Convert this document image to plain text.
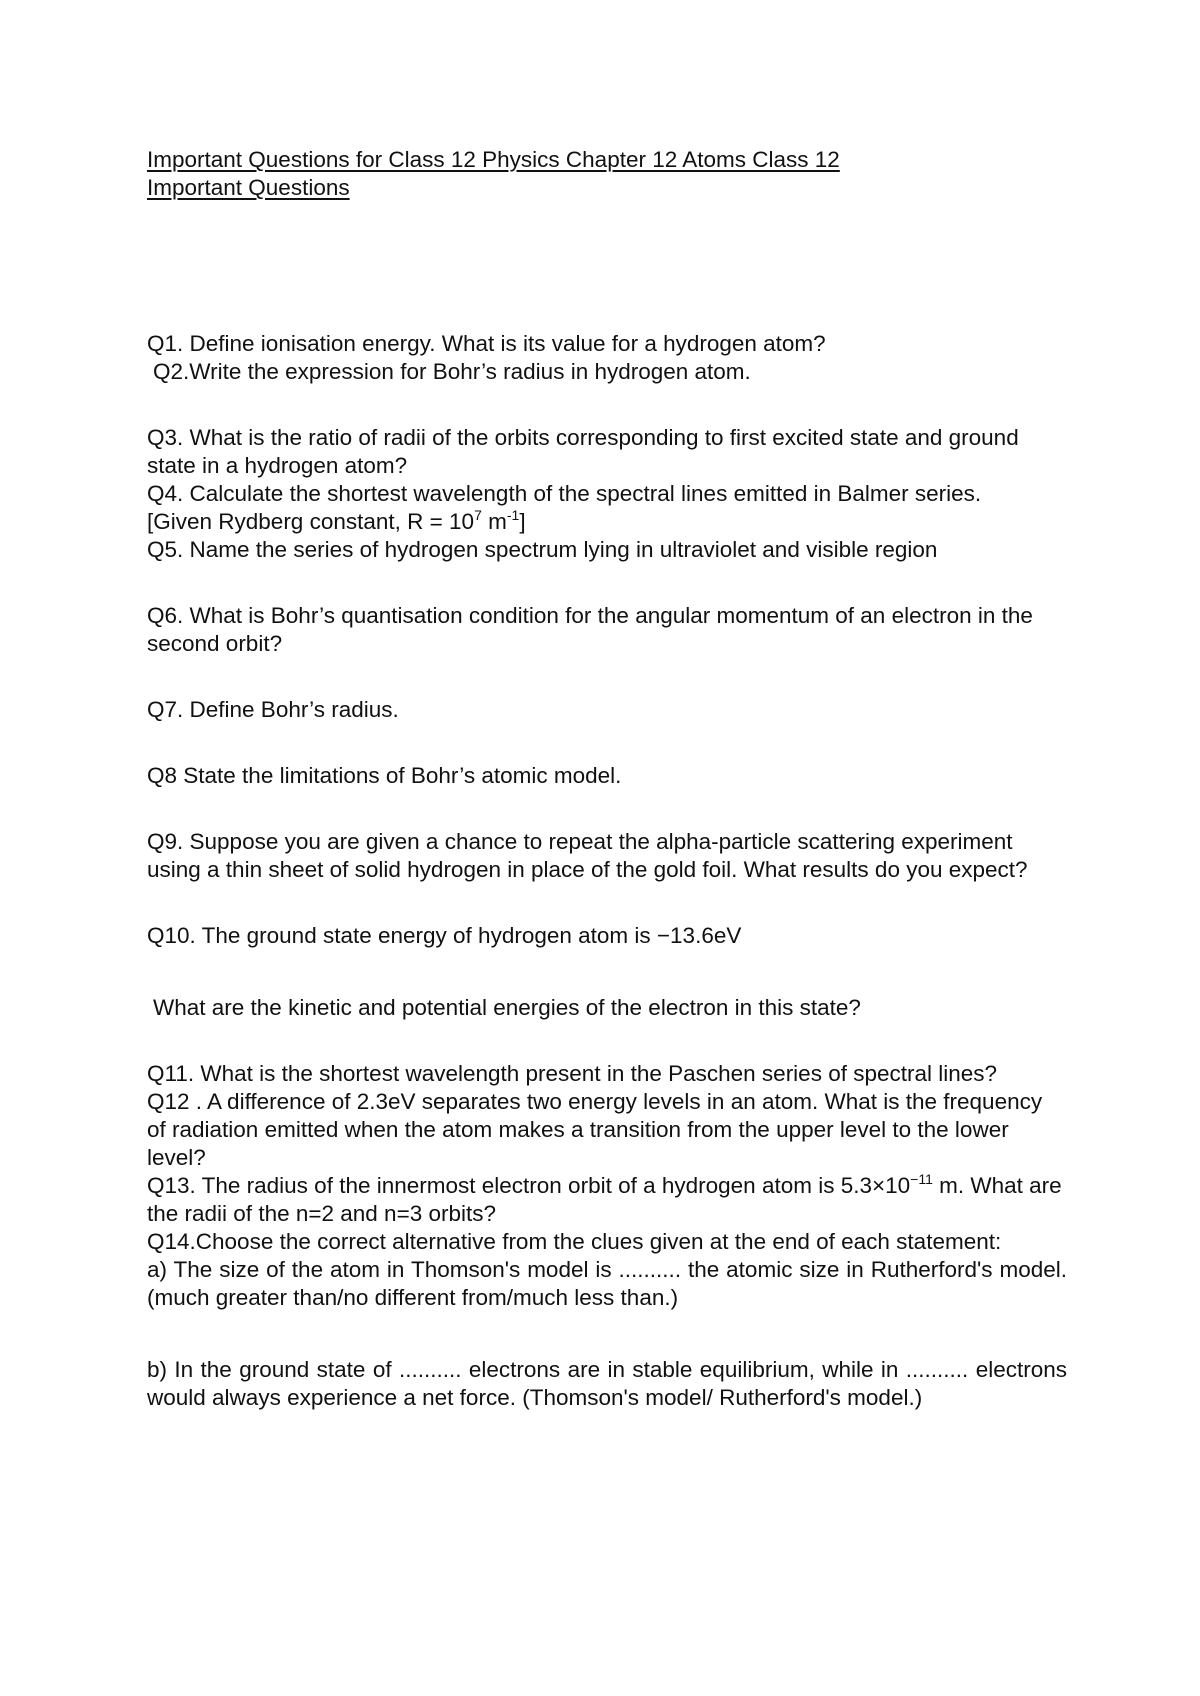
Important Questions for Class 12 Physics Chapter 12 Atoms Class 12
Important Questions

Q1. Define ionisation energy. What is its value for a hydrogen atom?

Q2.Write the expression for Bohr’s radius in hydrogen atom.

Q3. What is the ratio of radii of the orbits corresponding to first excited state and ground state in a hydrogen atom?

Q4. Calculate the shortest wavelength of the spectral lines emitted in Balmer series.

[Given Rydberg constant, $R = 10^7$ $m^{-1}$]

Q5. Name the series of hydrogen spectrum lying in ultraviolet and visible region

Q6. What is Bohr’s quantisation condition for the angular momentum of an electron in the second orbit?

Q7. Define Bohr’s radius.

Q8 State the limitations of Bohr’s atomic model.

Q9. Suppose you are given a chance to repeat the alpha-particle scattering experiment using a thin sheet of solid hydrogen in place of the gold foil. What results do you expect?

Q10. The ground state energy of hydrogen atom is −13.6eV

What are the kinetic and potential energies of the electron in this state?

Q11. What is the shortest wavelength present in the Paschen series of spectral lines?

Q12 . A difference of 2.3eV separates two energy levels in an atom. What is the frequency of radiation emitted when the atom makes a transition from the upper level to the lower level?

Q13. The radius of the innermost electron orbit of a hydrogen atom is $5.3\times 10^{-11}$ m. What are the radii of the n=2 and n=3 orbits?

Q14.Choose the correct alternative from the clues given at the end of each statement:

a) The size of the atom in Thomson's model is .......... the atomic size in Rutherford's model. (much greater than/no different from/much less than.)

b) In the ground state of .......... electrons are in stable equilibrium, while in .......... electrons would always experience a net force. (Thomson's model/ Rutherford's model.)
